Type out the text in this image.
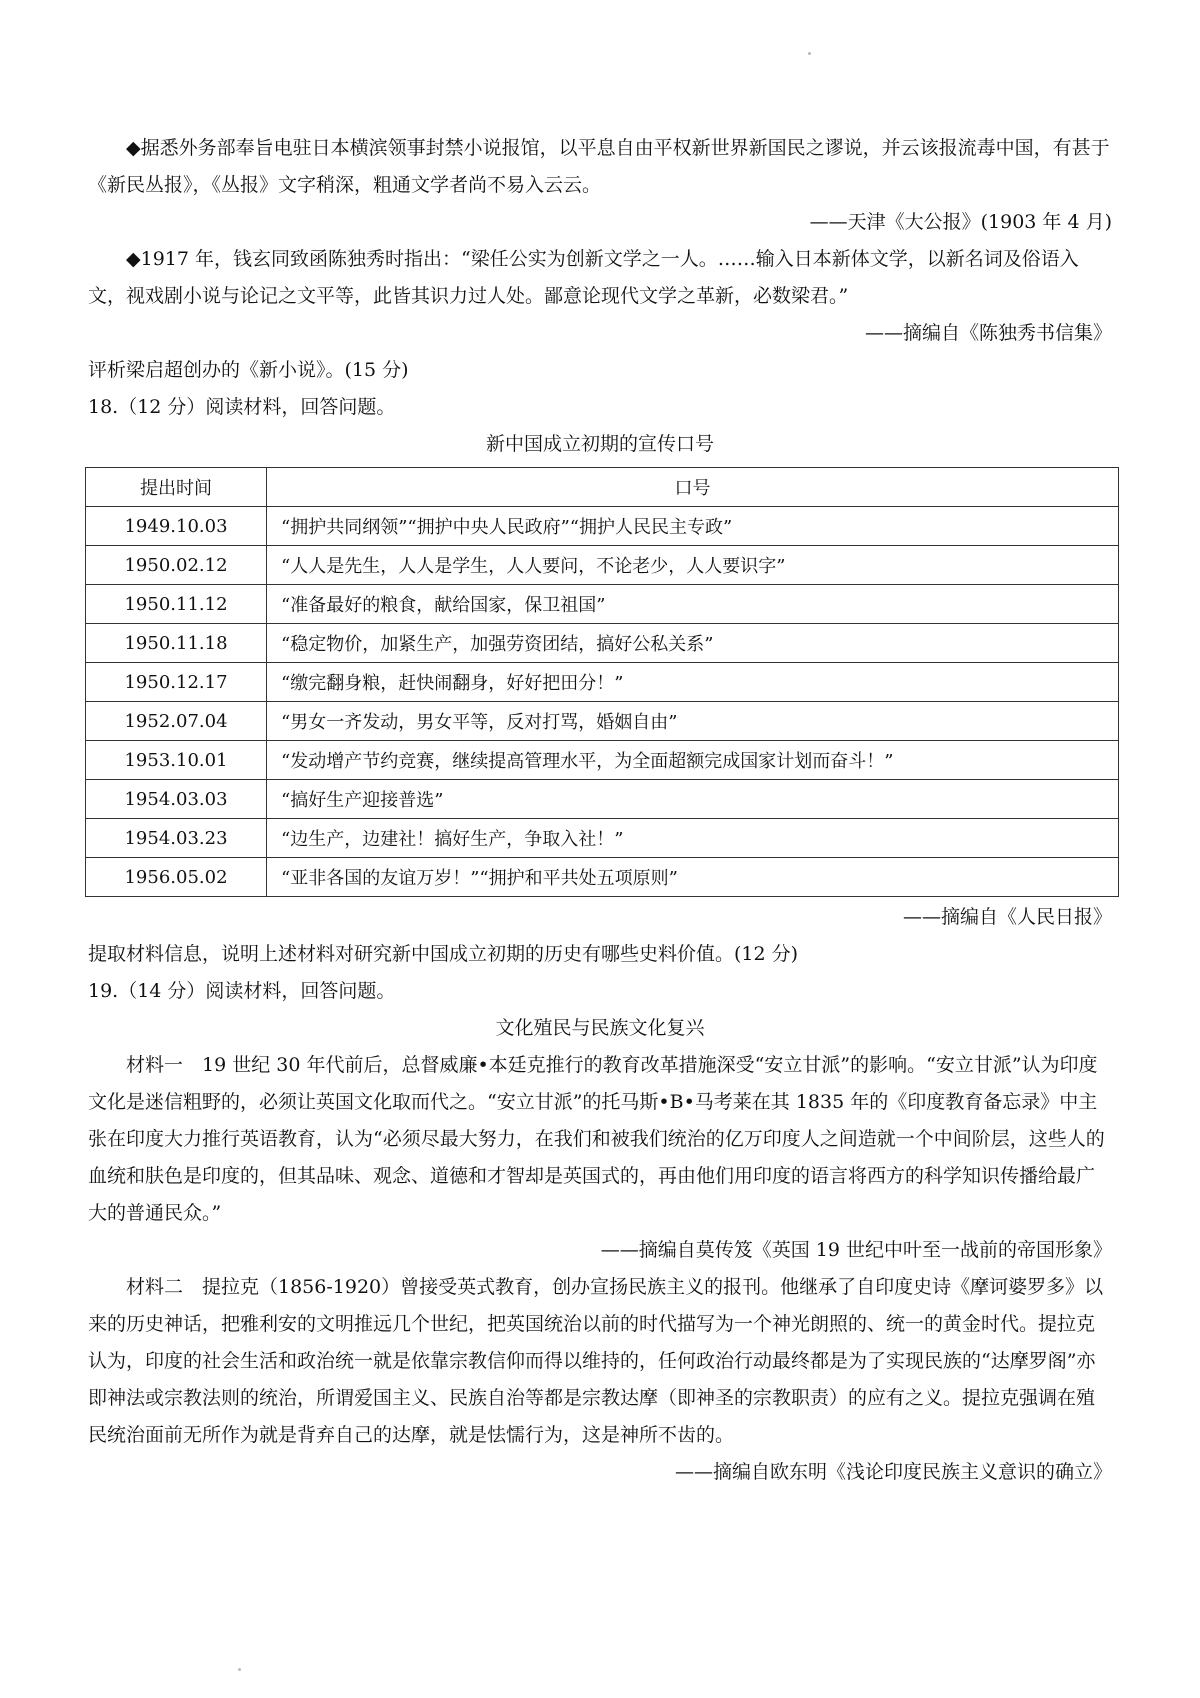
◆据悉外务部奉旨电驻日本横滨领事封禁小说报馆，以平息自由平权新世界新国民之谬说，并云该报流毒中国，有甚于《新民丛报》，《丛报》文字稍深，粗通文学者尚不易入云云。

——天津《大公报》(1903 年 4 月)

◆1917 年，钱玄同致函陈独秀时指出：“梁任公实为创新文学之一人。……输入日本新体文学，以新名词及俗语入文，视戏剧小说与论记之文平等，此皆其识力过人处。鄙意论现代文学之革新，必数梁君。”

——摘编自《陈独秀书信集》

评析梁启超创办的《新小说》。(15 分)

18.（12 分）阅读材料，回答问题。

新中国成立初期的宣传口号

提出时间	口号
1949.10.03	“拥护共同纲领”“拥护中央人民政府”“拥护人民民主专政”
1950.02.12	“人人是先生，人人是学生，人人要问，不论老少，人人要识字”
1950.11.12	“准备最好的粮食，献给国家，保卫祖国”
1950.11.18	“稳定物价，加紧生产，加强劳资团结，搞好公私关系”
1950.12.17	“缴完翻身粮，赶快闹翻身，好好把田分！”
1952.07.04	“男女一齐发动，男女平等，反对打骂，婚姻自由”
1953.10.01	“发动增产节约竞赛，继续提高管理水平，为全面超额完成国家计划而奋斗！”
1954.03.03	“搞好生产迎接普选”
1954.03.23	“边生产，边建社！搞好生产，争取入社！”
1956.05.02	“亚非各国的友谊万岁！”“拥护和平共处五项原则”

——摘编自《人民日报》

提取材料信息，说明上述材料对研究新中国成立初期的历史有哪些史料价值。(12 分)

19.（14 分）阅读材料，回答问题。

文化殖民与民族文化复兴

材料一　19 世纪 30 年代前后，总督威廉•本廷克推行的教育改革措施深受“安立甘派”的影响。“安立甘派”认为印度文化是迷信粗野的，必须让英国文化取而代之。“安立甘派”的托马斯•B•马考莱在其 1835 年的《印度教育备忘录》中主张在印度大力推行英语教育，认为“必须尽最大努力，在我们和被我们统治的亿万印度人之间造就一个中间阶层，这些人的血统和肤色是印度的，但其品味、观念、道德和才智却是英国式的，再由他们用印度的语言将西方的科学知识传播给最广大的普通民众。”

——摘编自莫传笈《英国 19 世纪中叶至一战前的帝国形象》

材料二　提拉克（1856-1920）曾接受英式教育，创办宣扬民族主义的报刊。他继承了自印度史诗《摩诃婆罗多》以来的历史神话，把雅利安的文明推远几个世纪，把英国统治以前的时代描写为一个神光朗照的、统一的黄金时代。提拉克认为，印度的社会生活和政治统一就是依靠宗教信仰而得以维持的，任何政治行动最终都是为了实现民族的“达摩罗阁”亦即神法或宗教法则的统治，所谓爱国主义、民族自治等都是宗教达摩（即神圣的宗教职责）的应有之义。提拉克强调在殖民统治面前无所作为就是背弃自己的达摩，就是怯懦行为，这是神所不齿的。

——摘编自欧东明《浅论印度民族主义意识的确立》
